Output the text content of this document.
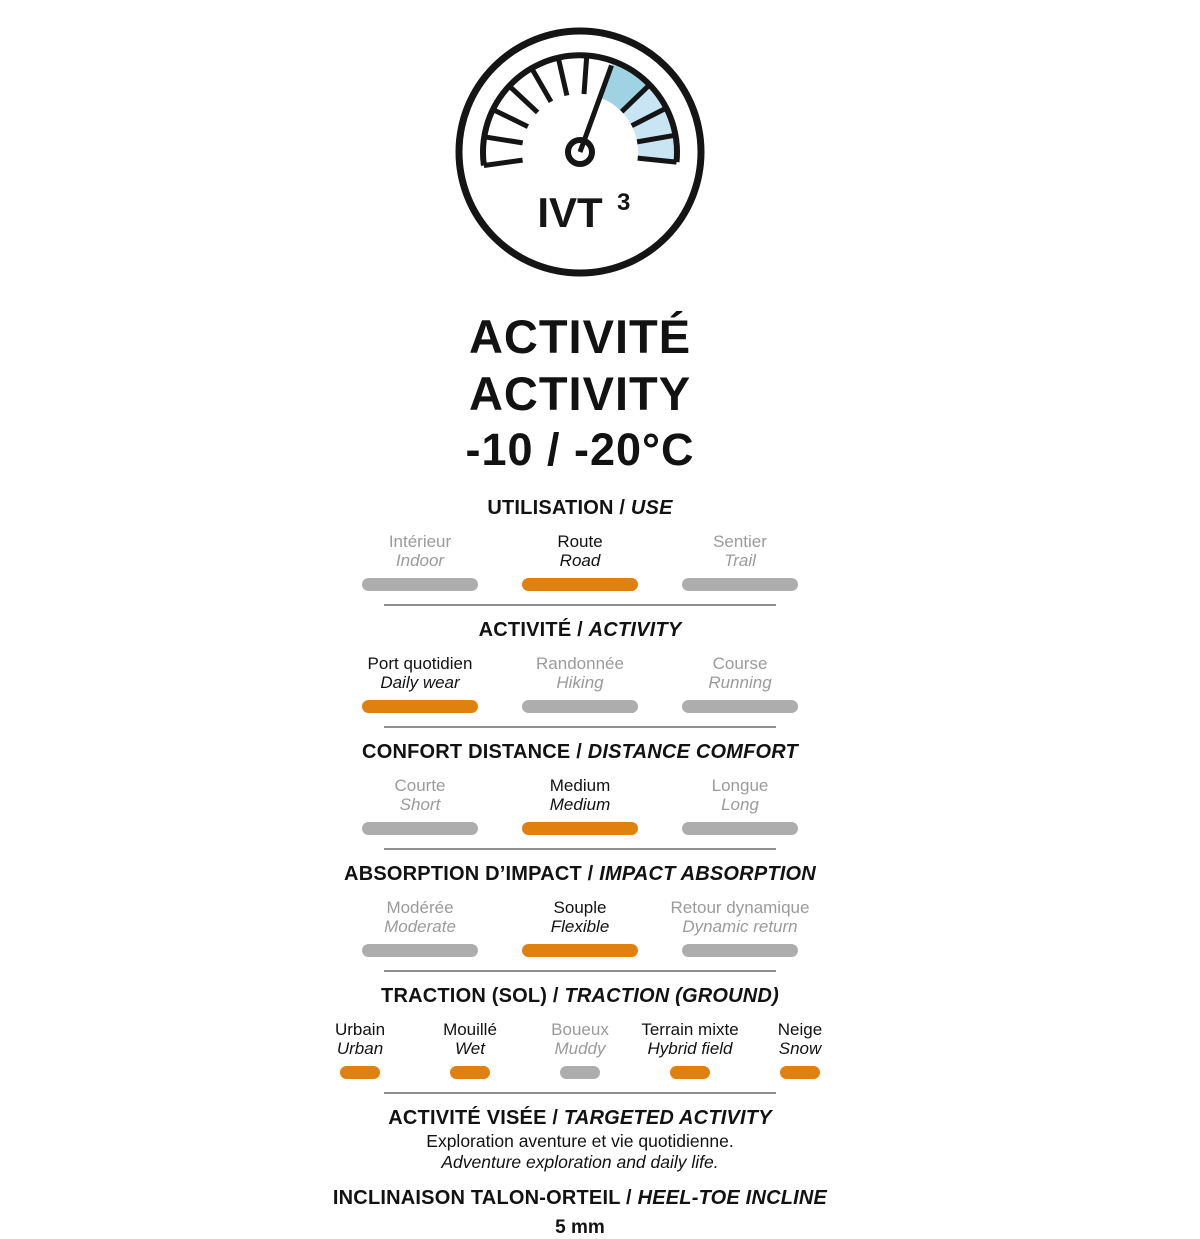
IVT 3
ACTIVITÉ
ACTIVITY
-10 / -20°C
UTILISATION / USE
Intérieur
Indoor
Route
Road
Sentier
Trail
ACTIVITÉ / ACTIVITY
Port quotidien
Daily wear
Randonnée
Hiking
Course
Running
CONFORT DISTANCE / DISTANCE COMFORT
Courte
Short
Medium
Medium
Longue
Long
ABSORPTION D’IMPACT / IMPACT ABSORPTION
Modérée
Moderate
Souple
Flexible
Retour dynamique
Dynamic return
TRACTION (SOL) / TRACTION (GROUND)
Urbain
Urban
Mouillé
Wet
Boueux
Muddy
Terrain mixte
Hybrid field
Neige
Snow
ACTIVITÉ VISÉE / TARGETED ACTIVITY

Exploration aventure et vie quotidienne.

Adventure exploration and daily life.

INCLINAISON TALON-ORTEIL / HEEL-TOE INCLINE
5 mm
